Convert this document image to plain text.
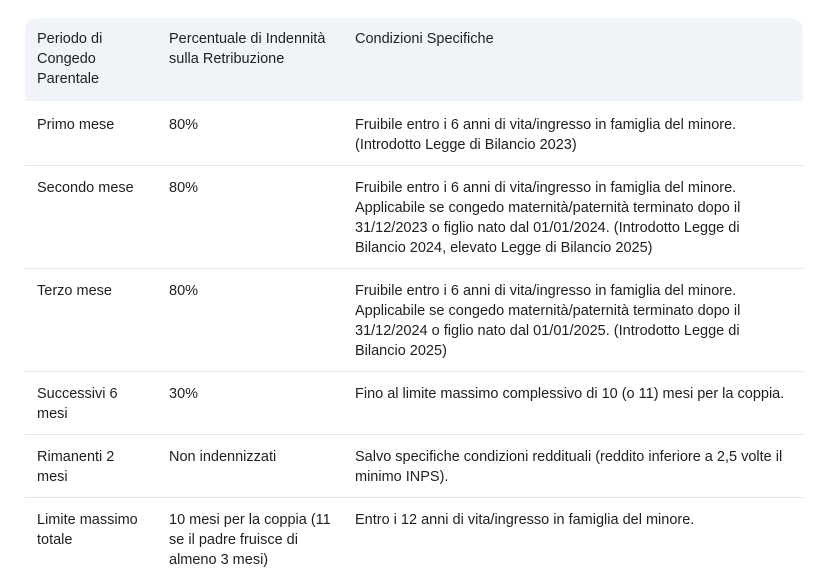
Periodo di Congedo Parentale	Percentuale di Indennità sulla Retribuzione	Condizioni Specifiche
Primo mese	80%	Fruibile entro i 6 anni di vita/ingresso in famiglia del minore. (Introdotto Legge di Bilancio 2023)
Secondo mese	80%	Fruibile entro i 6 anni di vita/ingresso in famiglia del minore. Applicabile se congedo maternità/paternità terminato dopo il 31/12/2023 o figlio nato dal 01/01/2024. (Introdotto Legge di Bilancio 2024, elevato Legge di Bilancio 2025)
Terzo mese	80%	Fruibile entro i 6 anni di vita/ingresso in famiglia del minore. Applicabile se congedo maternità/paternità terminato dopo il 31/12/2024 o figlio nato dal 01/01/2025. (Introdotto Legge di Bilancio 2025)
Successivi 6 mesi	30%	Fino al limite massimo complessivo di 10 (o 11) mesi per la coppia.
Rimanenti 2 mesi	Non indennizzati	Salvo specifiche condizioni reddituali (reddito inferiore a 2,5 volte il minimo INPS).
Limite massimo totale	10 mesi per la coppia (11 se il padre fruisce di almeno 3 mesi)	Entro i 12 anni di vita/ingresso in famiglia del minore.
